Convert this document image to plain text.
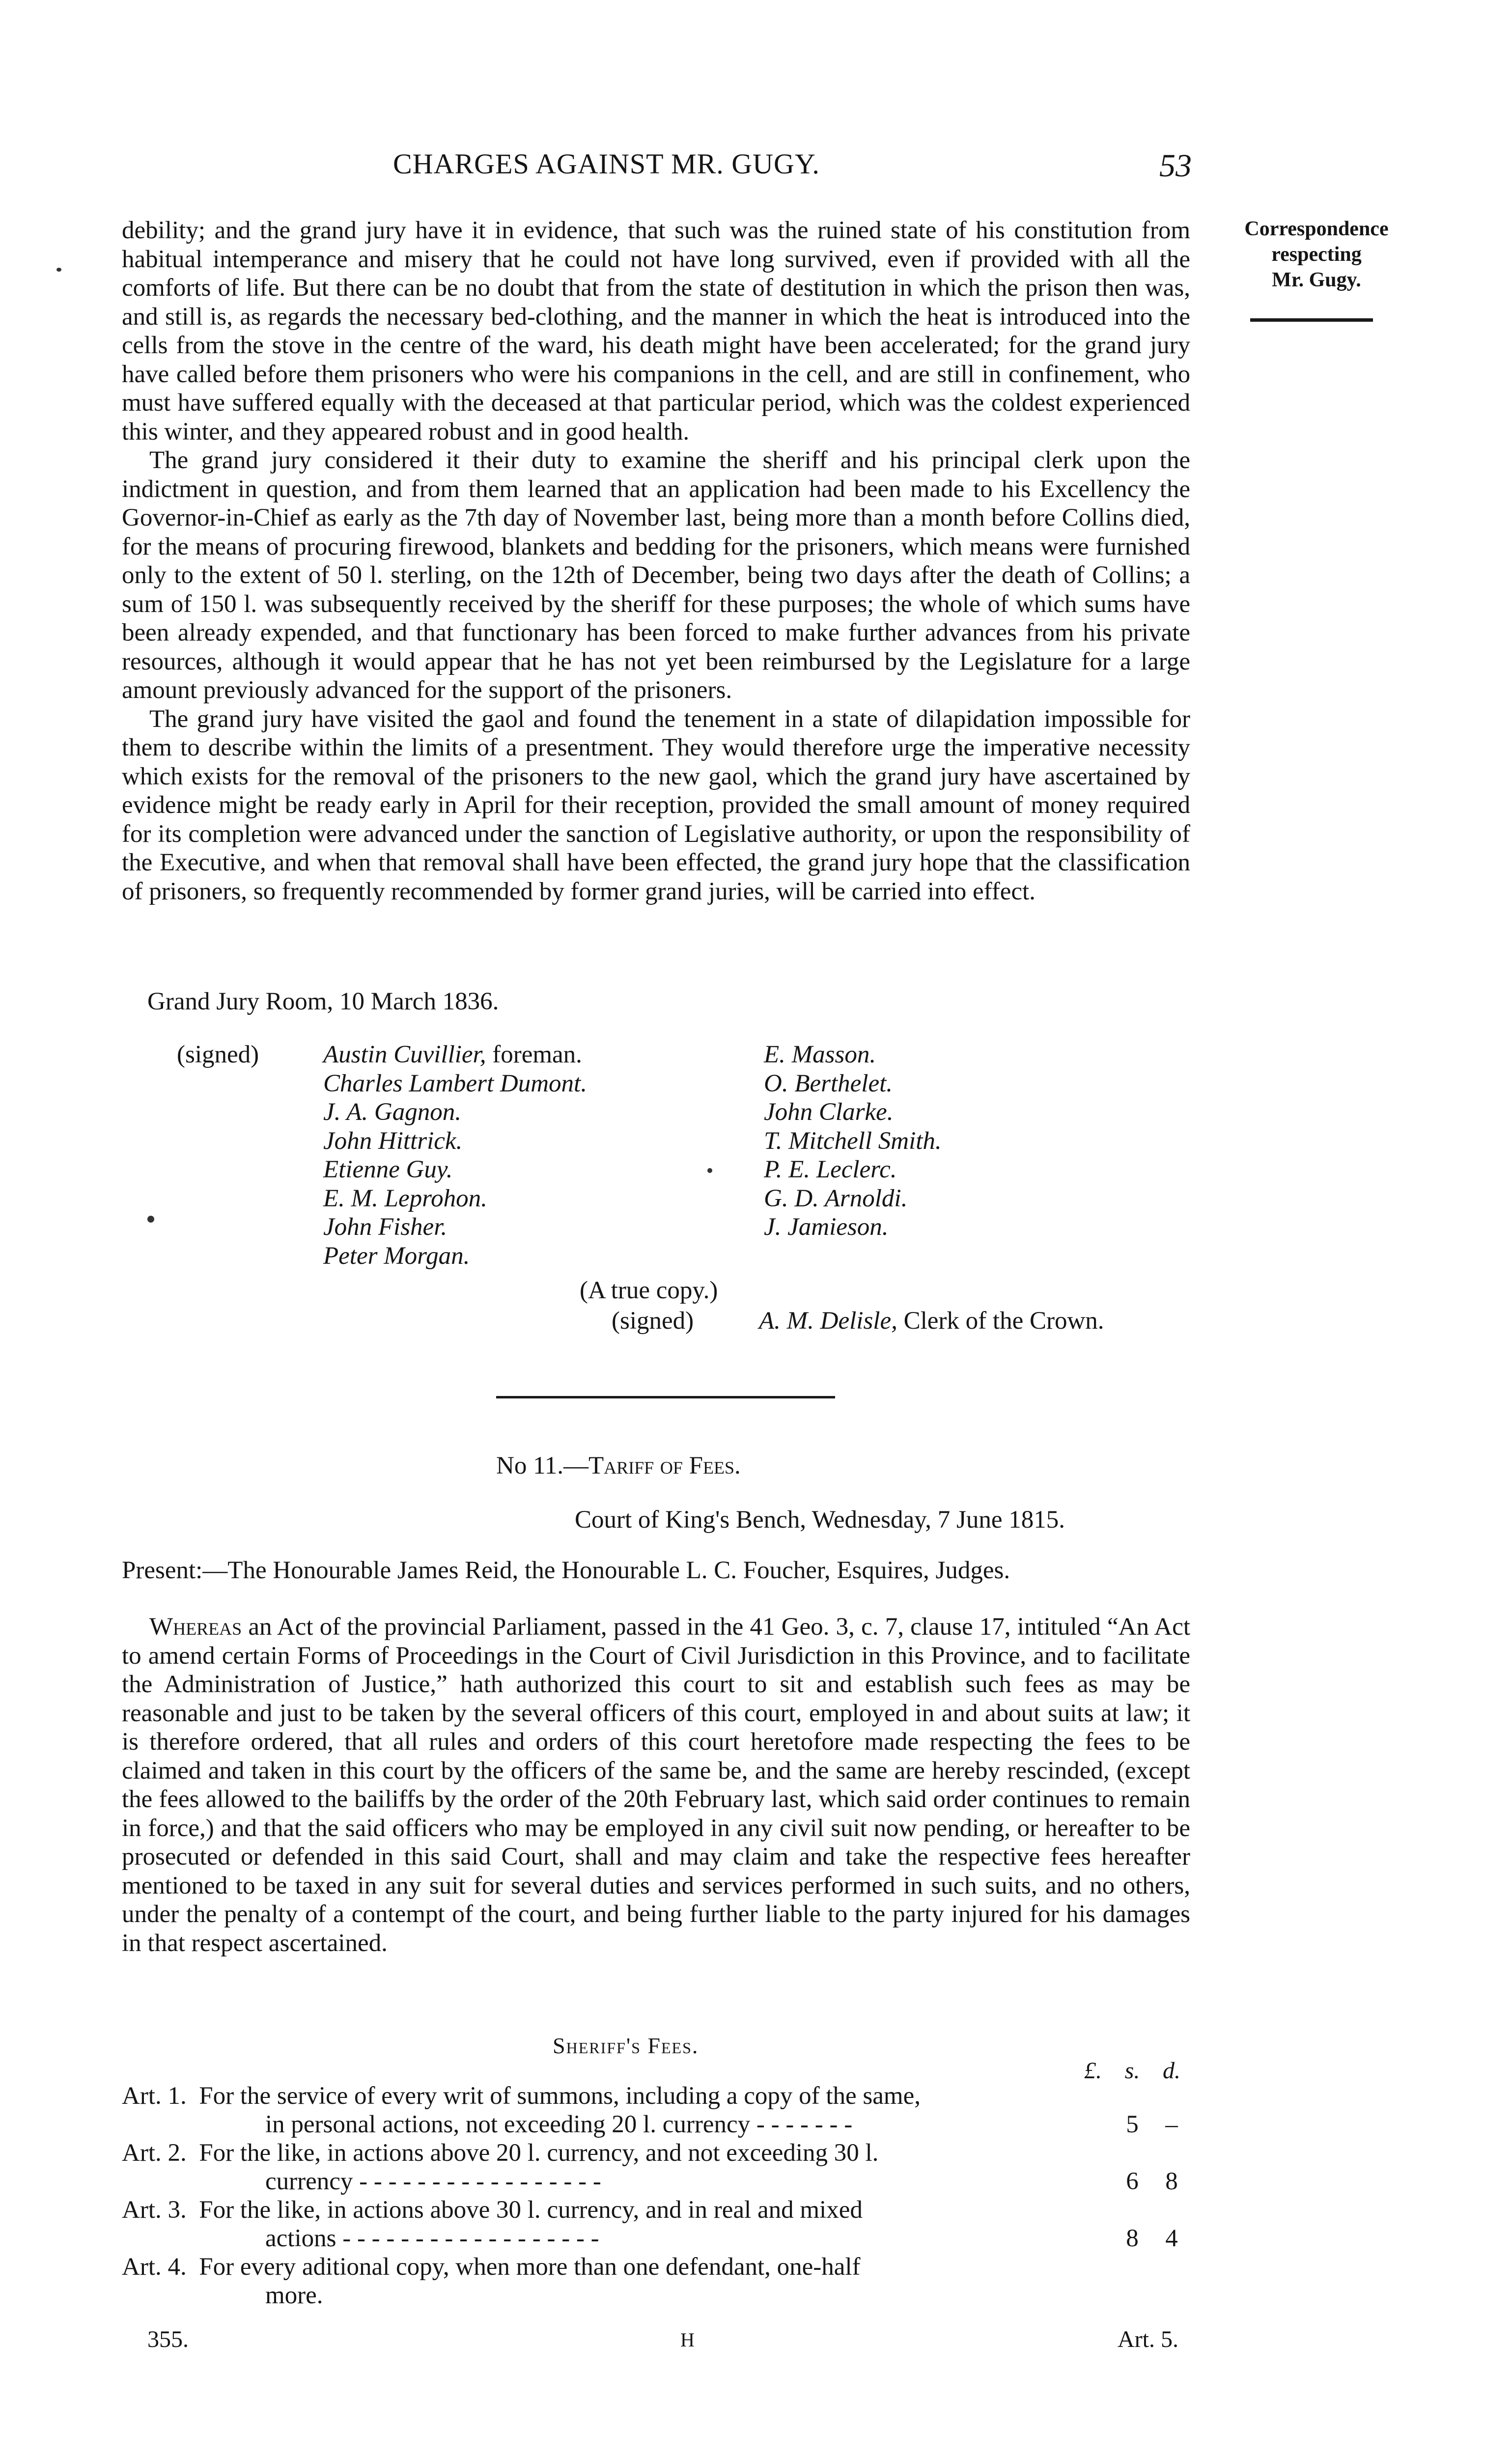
CHARGES AGAINST MR. GUGY.	53
Correspondence
respecting
Mr. Gugy.

debility; and the grand jury have it in evidence, that such was the ruined state of his constitution from habitual intemperance and misery that he could not have long survived, even if provided with all the comforts of life. But there can be no doubt that from the state of destitution in which the prison then was, and still is, as regards the necessary bed-clothing, and the manner in which the heat is introduced into the cells from the stove in the centre of the ward, his death might have been accelerated; for the grand jury have called before them prisoners who were his companions in the cell, and are still in confinement, who must have suffered equally with the deceased at that particular period, which was the coldest experienced this winter, and they appeared robust and in good health.

The grand jury considered it their duty to examine the sheriff and his principal clerk upon the indictment in question, and from them learned that an application had been made to his Excellency the Governor-in-Chief as early as the 7th day of November last, being more than a month before Collins died, for the means of procuring firewood, blankets and bedding for the prisoners, which means were furnished only to the extent of 50 l. sterling, on the 12th of December, being two days after the death of Collins; a sum of 150 l. was subsequently received by the sheriff for these purposes; the whole of which sums have been already expended, and that functionary has been forced to make further advances from his private resources, although it would appear that he has not yet been reimbursed by the Legislature for a large amount previously advanced for the support of the prisoners.

The grand jury have visited the gaol and found the tenement in a state of dilapidation impossible for them to describe within the limits of a presentment. They would therefore urge the imperative necessity which exists for the removal of the prisoners to the new gaol, which the grand jury have ascertained by evidence might be ready early in April for their reception, provided the small amount of money required for its completion were advanced under the sanction of Legislative authority, or upon the responsibility of the Executive, and when that removal shall have been effected, the grand jury hope that the classification of prisoners, so frequently recommended by former grand juries, will be carried into effect.

Grand Jury Room, 10 March 1836.
(signed)	Austin Cuvillier, foreman.
Charles Lambert Dumont.
J. A. Gagnon.
John Hittrick.
Etienne Guy.
E. M. Leprohon.
John Fisher.
Peter Morgan.
E. Masson.
O. Berthelet.
John Clarke.
T. Mitchell Smith.
P. E. Leclerc.
G. D. Arnoldi.
J. Jamieson.
(A true copy.)
(signed)	A. M. Delisle, Clerk of the Crown.
No 11.—Tariff of Fees.
Court of King's Bench, Wednesday, 7 June 1815.
Present:—The Honourable James Reid, the Honourable L. C. Foucher, Esquires, Judges.

Whereas an Act of the provincial Parliament, passed in the 41 Geo. 3, c. 7, clause 17, intituled “An Act to amend certain Forms of Proceedings in the Court of Civil Jurisdiction in this Province, and to facilitate the Administration of Justice,” hath authorized this court to sit and establish such fees as may be reasonable and just to be taken by the several officers of this court, employed in and about suits at law; it is therefore ordered, that all rules and orders of this court heretofore made respecting the fees to be claimed and taken in this court by the officers of the same be, and the same are hereby rescinded, (except the fees allowed to the bailiffs by the order of the 20th February last, which said order continues to remain in force,) and that the said officers who may be employed in any civil suit now pending, or hereafter to be prosecuted or defended in this said Court, shall and may claim and take the respective fees hereafter mentioned to be taxed in any suit for several duties and services performed in such suits, and no others, under the penalty of a contempt of the court, and being further liable to the party injured for his damages in that respect ascertained.

Sheriff's Fees.
£. s. d.
Art. 1. For the service of every writ of summons, including a copy of the same,
in personal actions, not exceeding 20 l. currency - - - - - - -	5 –
Art. 2. For the like, in actions above 20 l. currency, and not exceeding 30 l.
currency - - - - - - - - - - - - - - - - -	6 8
Art. 3. For the like, in actions above 30 l. currency, and in real and mixed
actions - - - - - - - - - - - - - - - - - -	8 4
Art. 4. For every aditional copy, when more than one defendant, one-half
more.
355.	H	Art. 5.
